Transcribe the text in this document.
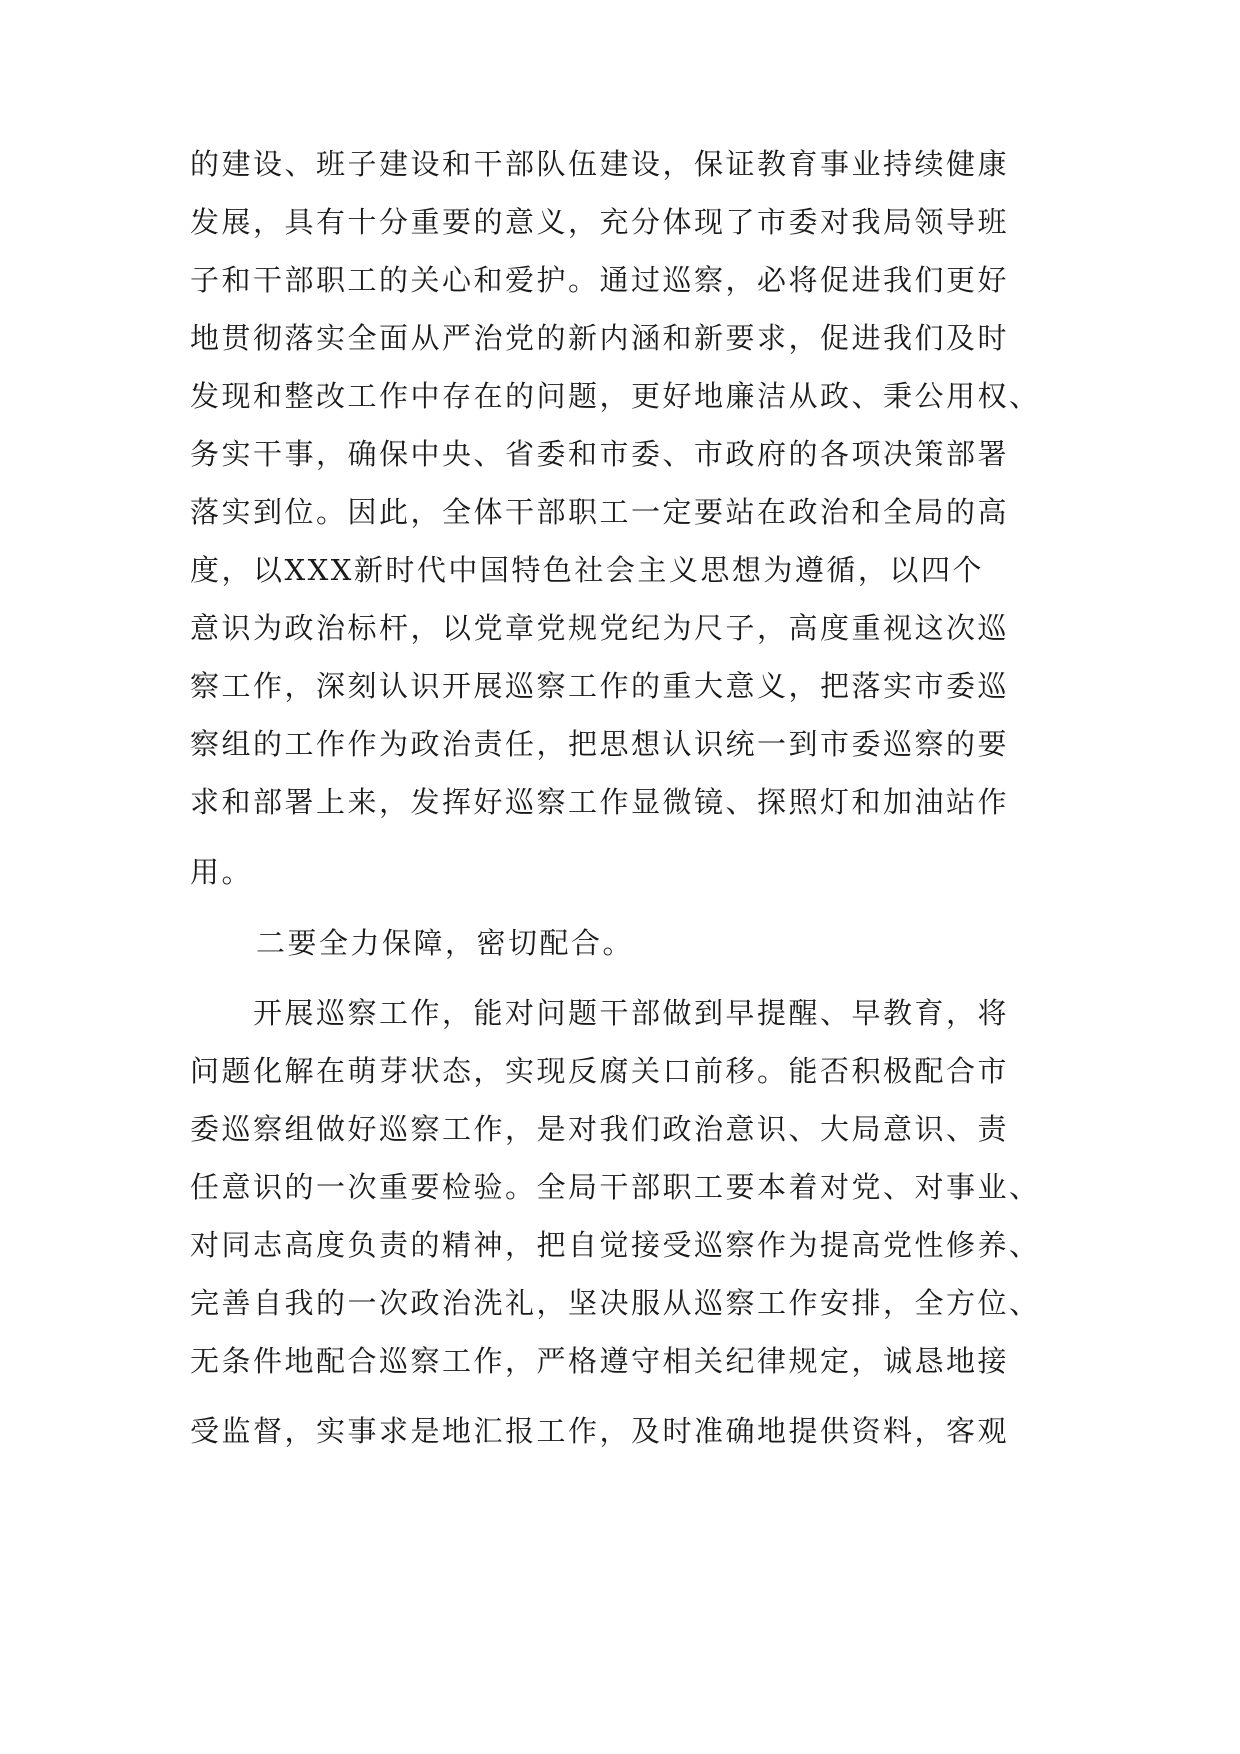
的建设、班子建设和干部队伍建设，保证教育事业持续健康
发展，具有十分重要的意义，充分体现了市委对我局领导班
子和干部职工的关心和爱护。通过巡察，必将促进我们更好
地贯彻落实全面从严治党的新内涵和新要求，促进我们及时
发现和整改工作中存在的问题，更好地廉洁从政、秉公用权、
务实干事，确保中央、省委和市委、市政府的各项决策部署
落实到位。因此，全体干部职工一定要站在政治和全局的高
度，以XXX新时代中国特色社会主义思想为遵循，以四个
意识为政治标杆，以党章党规党纪为尺子，高度重视这次巡
察工作，深刻认识开展巡察工作的重大意义，把落实市委巡
察组的工作作为政治责任，把思想认识统一到市委巡察的要
求和部署上来，发挥好巡察工作显微镜、探照灯和加油站作
用。
二要全力保障，密切配合。
　　开展巡察工作，能对问题干部做到早提醒、早教育，将
问题化解在萌芽状态，实现反腐关口前移。能否积极配合市
委巡察组做好巡察工作，是对我们政治意识、大局意识、责
任意识的一次重要检验。全局干部职工要本着对党、对事业、
对同志高度负责的精神，把自觉接受巡察作为提高党性修养、
完善自我的一次政治洗礼，坚决服从巡察工作安排，全方位、
无条件地配合巡察工作，严格遵守相关纪律规定，诚恳地接
受监督，实事求是地汇报工作，及时准确地提供资料，客观
